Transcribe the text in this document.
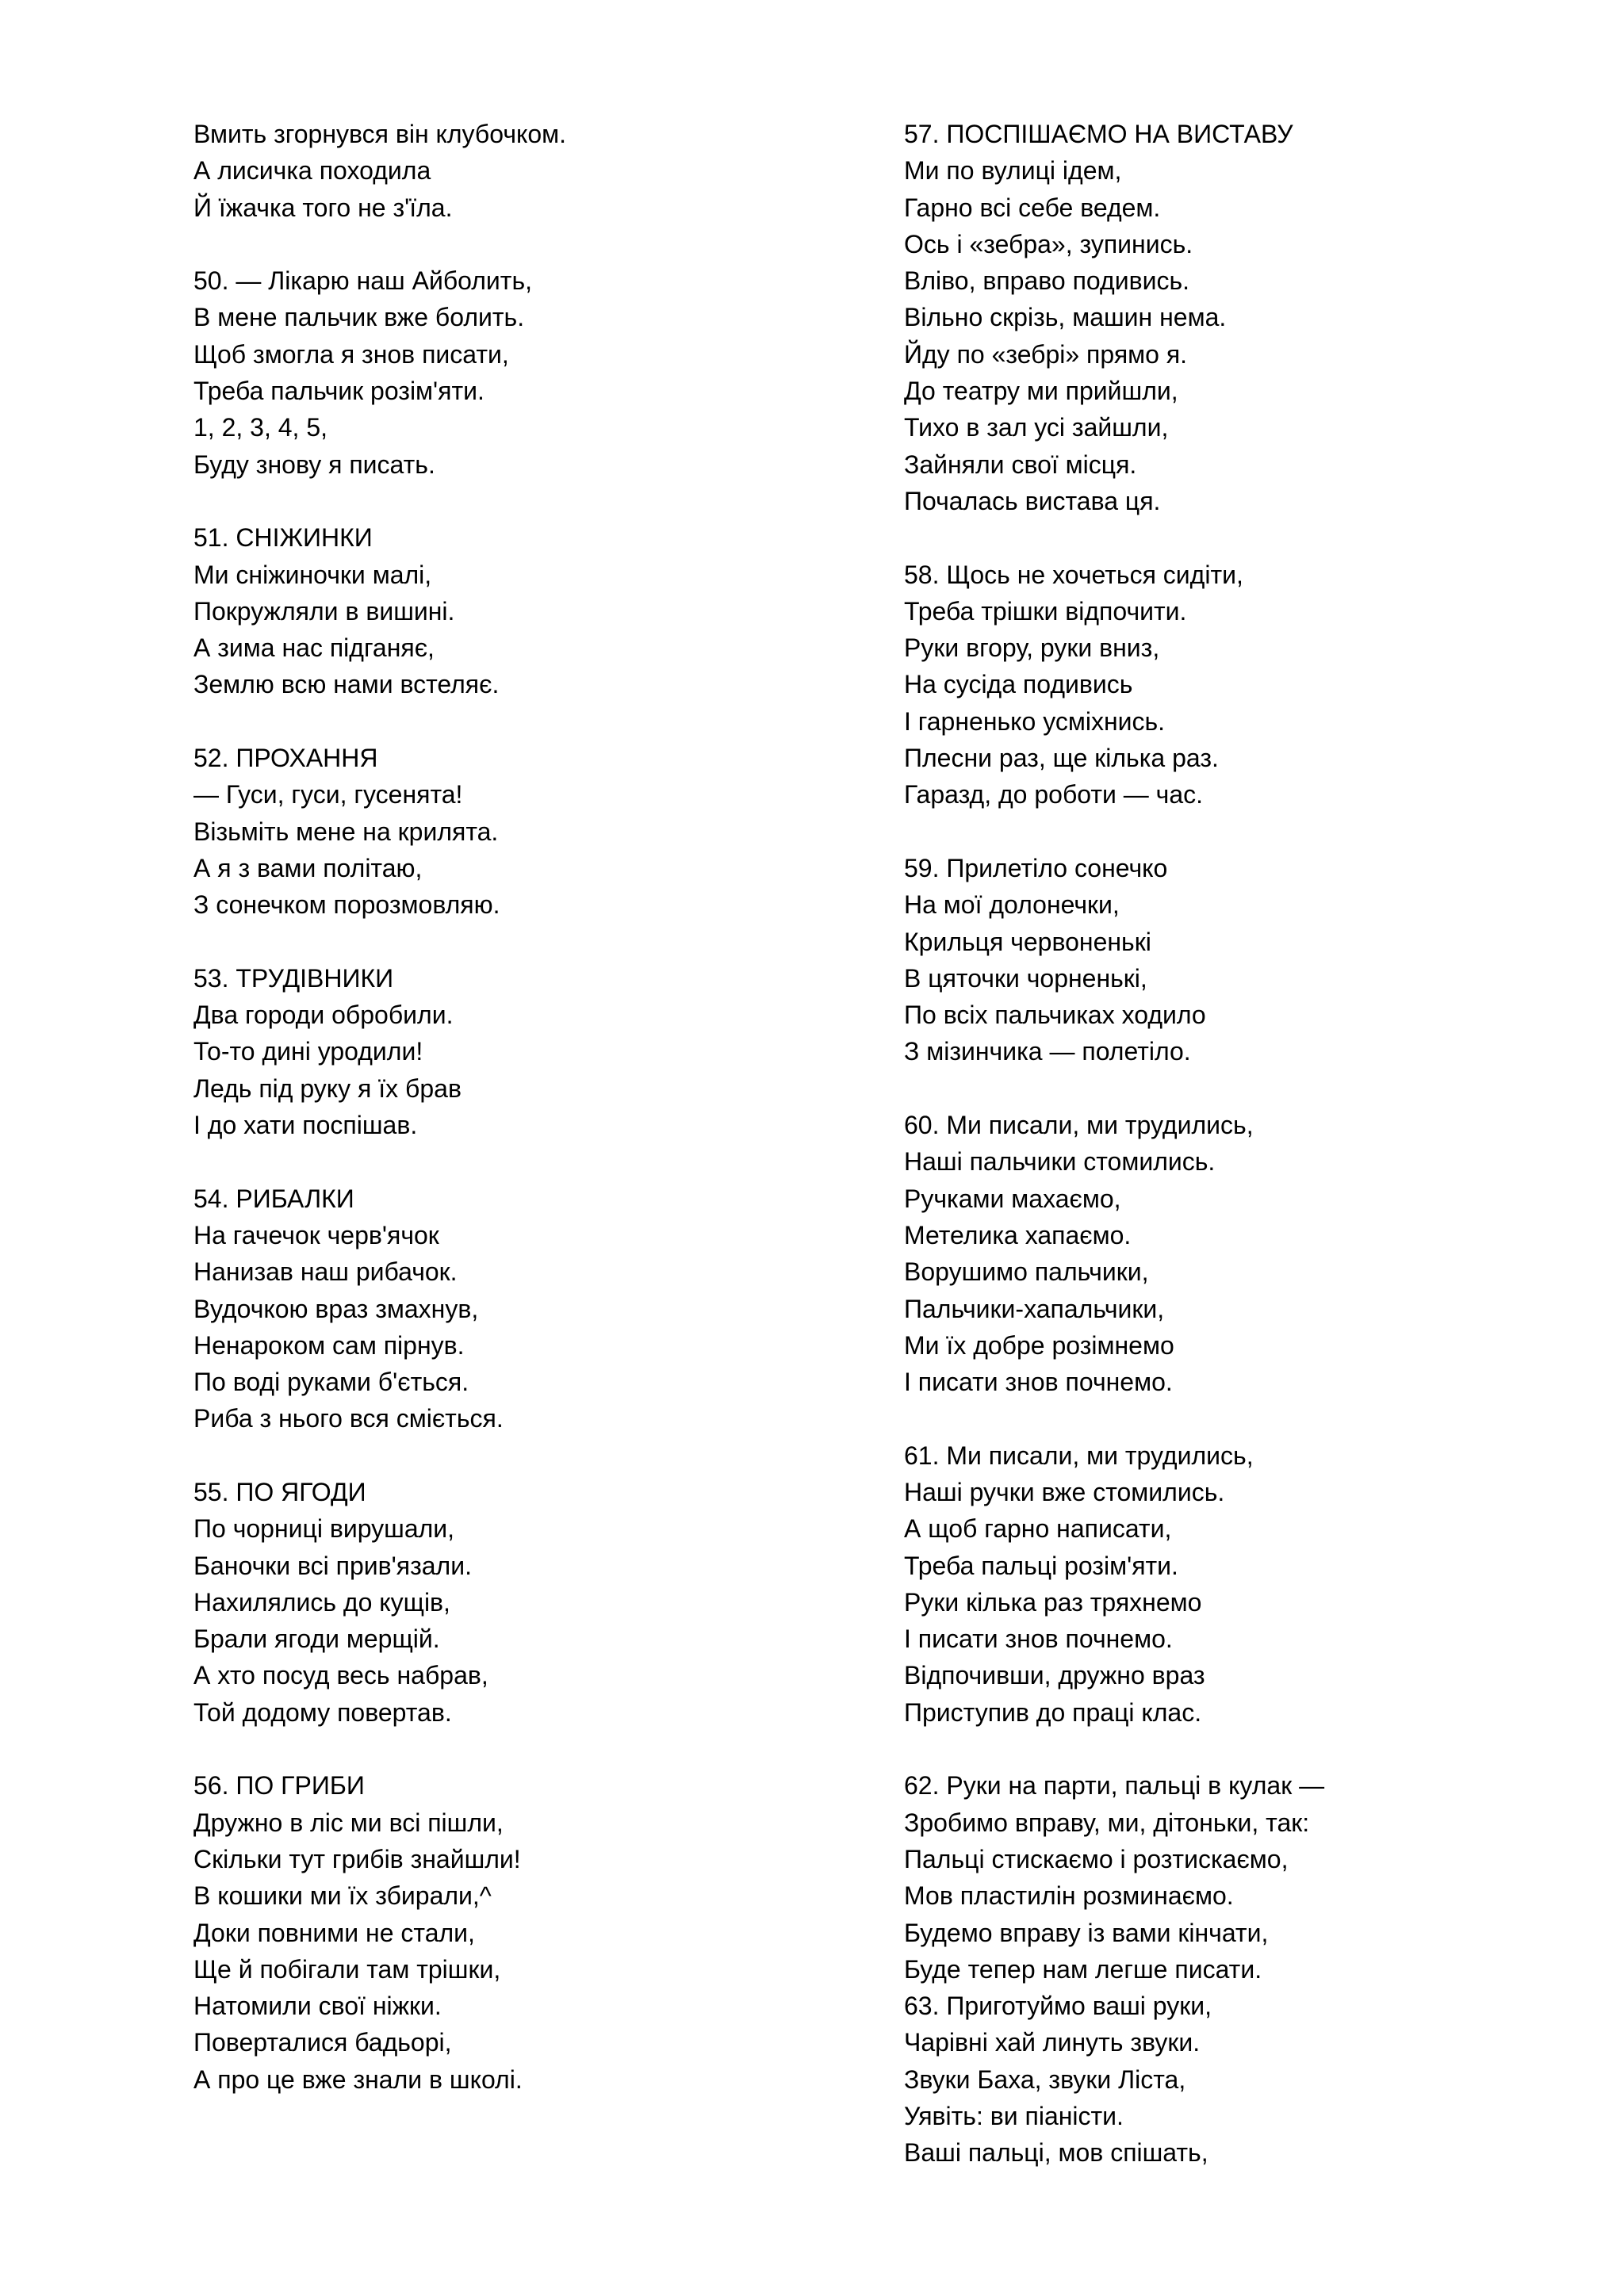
Вмить згорнувся він клубочком.
А лисичка походила
Й їжачка того не з'їла.
50. — Лікарю наш Айболить,
В мене пальчик вже болить.
Щоб змогла я знов писати,
Треба пальчик розім'яти.
1, 2, 3, 4, 5,
Буду знову я писать.
51. СНІЖИНКИ
Ми сніжиночки малі,
Покружляли в вишині.
А зима нас підганяє,
Землю всю нами встеляє.
52. ПРОХАННЯ
— Гуси, гуси, гусенята!
Візьміть мене на крилята.
А я з вами політаю,
З сонечком порозмовляю.
53. ТРУДІВНИКИ
Два городи обробили.
То-то дині уродили!
Ледь під руку я їх брав
І до хати поспішав.
54. РИБАЛКИ
На гачечок черв'ячок
Нанизав наш рибачок.
Вудочкою враз змахнув,
Ненароком сам пірнув.
По воді руками б'ється.
Риба з нього вся сміється.
55. ПО ЯГОДИ
По чорниці вирушали,
Баночки всі прив'язали.
Нахилялись до кущів,
Брали ягоди мерщій.
А хто посуд весь набрав,
Той додому повертав.
56. ПО ГРИБИ
Дружно в ліс ми всі пішли,
Скільки тут грибів знайшли!
В кошики ми їх збирали,^
Доки повними не стали,
Ще й побігали там трішки,
Натомили свої ніжки.
Поверталися бадьорі,
А про це вже знали в школі.
57. ПОСПІШАЄМО НА ВИСТАВУ
Ми по вулиці ідем,
Гарно всі себе ведем.
Ось і «зебра», зупинись.
Вліво, вправо подивись.
Вільно скрізь, машин нема.
Йду по «зебрі» прямо я.
До театру ми прийшли,
Тихо в зал усі зайшли,
Зайняли свої місця.
Почалась вистава ця.
58. Щось не хочеться сидіти,
Треба трішки відпочити.
Руки вгору, руки вниз,
На сусіда подивись
І гарненько усміхнись.
Плесни раз, ще кілька раз.
Гаразд, до роботи — час.
59. Прилетіло сонечко
На мої долонечки,
Крильця червоненькі
В цяточки чорненькі,
По всіх пальчиках ходило
З мізинчика — полетіло.
60. Ми писали, ми трудились,
Наші пальчики стомились.
Ручками махаємо,
Метелика хапаємо.
Ворушимо пальчики,
Пальчики-хапальчики,
Ми їх добре розімнемо
І писати знов почнемо.
61. Ми писали, ми трудились,
Наші ручки вже стомились.
А щоб гарно написати,
Треба пальці розім'яти.
Руки кілька раз тряхнемо
І писати знов почнемо.
Відпочивши, дружно враз
Приступив до праці клас.
62. Руки на парти, пальці в кулак —
Зробимо вправу, ми, дітоньки, так:
Пальці стискаємо і розтискаємо,
Мов пластилін розминаємо.
Будемо вправу із вами кінчати,
Буде тепер нам легше писати.
63. Приготуймо ваші руки,
Чарівні хай линуть звуки.
Звуки Баха, звуки Ліста,
Уявіть: ви піаністи.
Ваші пальці, мов спішать,
